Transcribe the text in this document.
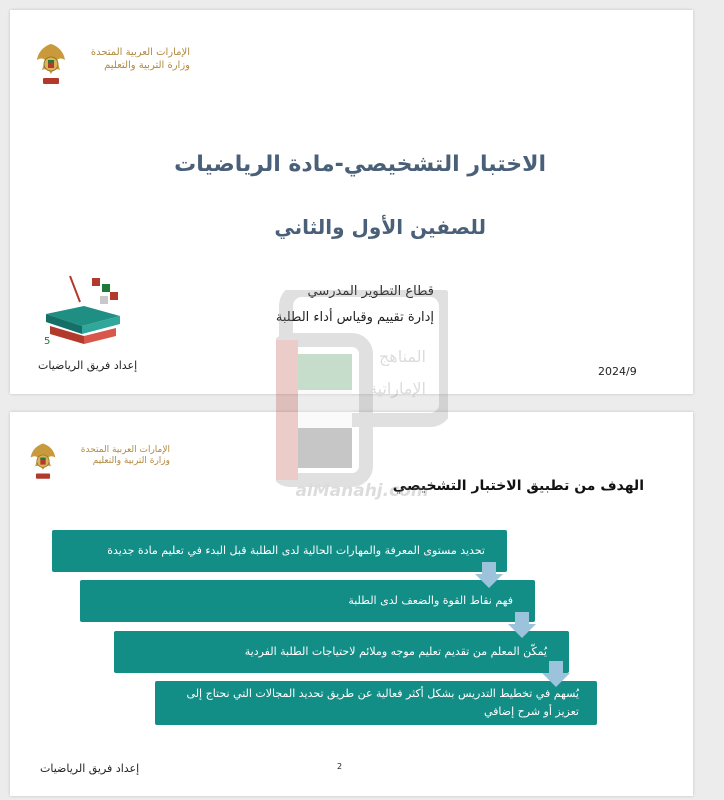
الإمارات العربية المتحدة
وزارة التربية والتعليم
الاختبار التشخيصي-مادة الرياضيات
للصفين الأول والثاني
قطاع التطوير المدرسي
إدارة تقييم وقياس أداء الطلبة
5
إعداد فريق الرياضيات	2024/9
الإمارات العربية المتحدة
وزارة التربية والتعليم
الهدف من تطبيق الاختبار التشخيصي
تحديد مستوى المعرفة والمهارات الحالية لدى الطلبة قبل البدء في تعليم مادة جديدة
فهم نقاط القوة والضعف لدى الطلبة
يُمكّن المعلم من تقديم تعليم موجه وملائم لاحتياجات الطلبة الفردية
يُسهم في تخطيط التدريس بشكل أكثر فعالية عن طريق تحديد المجالات التي نحتاج إلى تعزيز أو شرح إضافي
إعداد فريق الرياضيات	2
المناهج
الإماراتية
alManahj.com
